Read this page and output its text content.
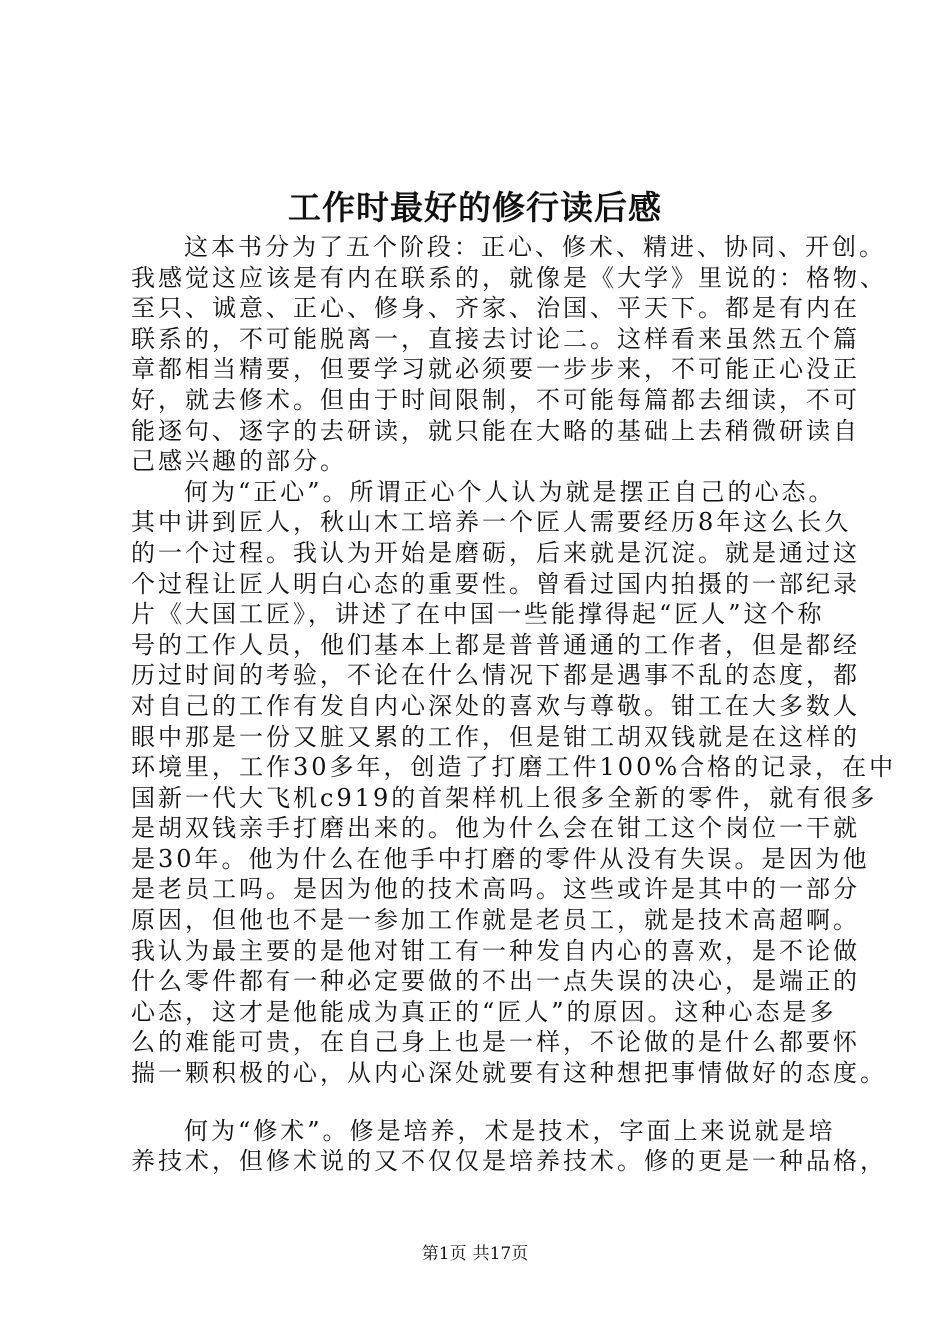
工作时最好的修行读后感
这本书分为了五个阶段：正心、修术、精进、协同、开创。
我感觉这应该是有内在联系的，就像是《大学》里说的：格物、
至只、诚意、正心、修身、齐家、治国、平天下。都是有内在
联系的，不可能脱离一，直接去讨论二。这样看来虽然五个篇
章都相当精要，但要学习就必须要一步步来，不可能正心没正
好，就去修术。但由于时间限制，不可能每篇都去细读，不可
能逐句、逐字的去研读，就只能在大略的基础上去稍微研读自
己感兴趣的部分。
何为“正心”。所谓正心个人认为就是摆正自己的心态。
其中讲到匠人，秋山木工培养一个匠人需要经历8年这么长久
的一个过程。我认为开始是磨砺，后来就是沉淀。就是通过这
个过程让匠人明白心态的重要性。曾看过国内拍摄的一部纪录
片《大国工匠》，讲述了在中国一些能撑得起“匠人”这个称
号的工作人员，他们基本上都是普普通通的工作者，但是都经
历过时间的考验，不论在什么情况下都是遇事不乱的态度，都
对自己的工作有发自内心深处的喜欢与尊敬。钳工在大多数人
眼中那是一份又脏又累的工作，但是钳工胡双钱就是在这样的
环境里，工作30多年，创造了打磨工件100%合格的记录，在中
国新一代大飞机c919的首架样机上很多全新的零件，就有很多
是胡双钱亲手打磨出来的。他为什么会在钳工这个岗位一干就
是30年。他为什么在他手中打磨的零件从没有失误。是因为他
是老员工吗。是因为他的技术高吗。这些或许是其中的一部分
原因，但他也不是一参加工作就是老员工，就是技术高超啊。
我认为最主要的是他对钳工有一种发自内心的喜欢，是不论做
什么零件都有一种必定要做的不出一点失误的决心，是端正的
心态，这才是他能成为真正的“匠人”的原因。这种心态是多
么的难能可贵，在自己身上也是一样，不论做的是什么都要怀
揣一颗积极的心，从内心深处就要有这种想把事情做好的态度。
何为“修术”。修是培养，术是技术，字面上来说就是培
养技术，但修术说的又不仅仅是培养技术。修的更是一种品格，
第1页 共17页
